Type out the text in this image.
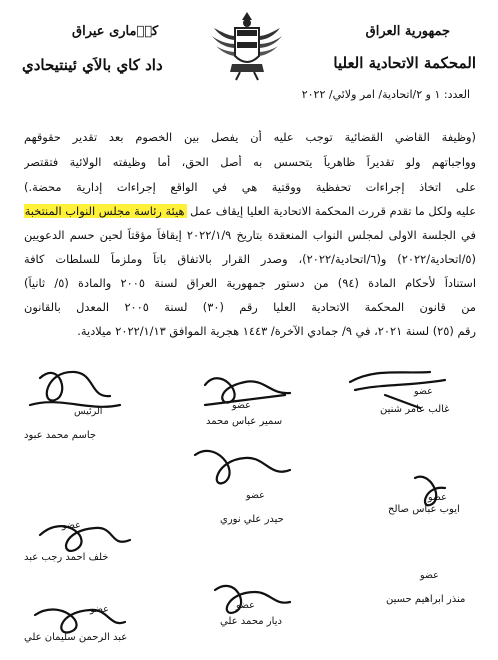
جمهورية العراق
المحكمة الاتحادية العليا
كو٘مارى عيراق
داد كاي بالاَي ئينتيحادي
العدد: ١ و ٢/اتحادية/ امر ولائي/ ٢٠٢٢
(وظيفة القاضي القضائية توجب عليه أن يفصل بين الخصوم بعد تقدير حقوقهم
وواجباتهم ولو تقديراً ظاهرياً يتحسس به أصل الحق، أما وظيفته الولائية فتقتصر
على اتخاذ إجراءات تحفظية ووقتية هي في الواقع إجراءات إدارية محضة.)
عليه ولكل ما تقدم قررت المحكمة الاتحادية العليا إيقاف عمل هيئة رئاسة مجلس النواب المنتخبة
في الجلسة الاولى لمجلس النواب المنعقدة بتاريخ ٢٠٢٢/١/٩ إيقافاً مؤقتاً لحين حسم الدعويين
(٥/اتحادية/٢٠٢٢) و(٦/اتحادية/٢٠٢٢)، وصدر القرار بالاتفاق باتاً وملزماً للسلطات كافة
استناداً لأحكام المادة (٩٤) من دستور جمهورية العراق لسنة ٢٠٠٥ والمادة (٥/ ثانياً)
من قانون المحكمة الاتحادية العليا رقم (٣٠) لسنة ٢٠٠٥ المعدل بالقانون
رقم (٢٥) لسنة ٢٠٢١، في ٩/ جمادي الآخرة/ ١٤٤٣ هجرية الموافق ٢٠٢٢/١/١٣ ميلادية.
الرئيس
جاسم محمد عبود
عضو
سمير عباس محمد
عضو
غالب عامر شنين
عضو
حيدر علي نوري
عضو
ايوب عباس صالح
عضو
خلف احمد رجب عبد
عضو
ديار محمد علي
عضو
عبد الرحمن سليمان علي
عضو
منذر ابراهيم حسين
